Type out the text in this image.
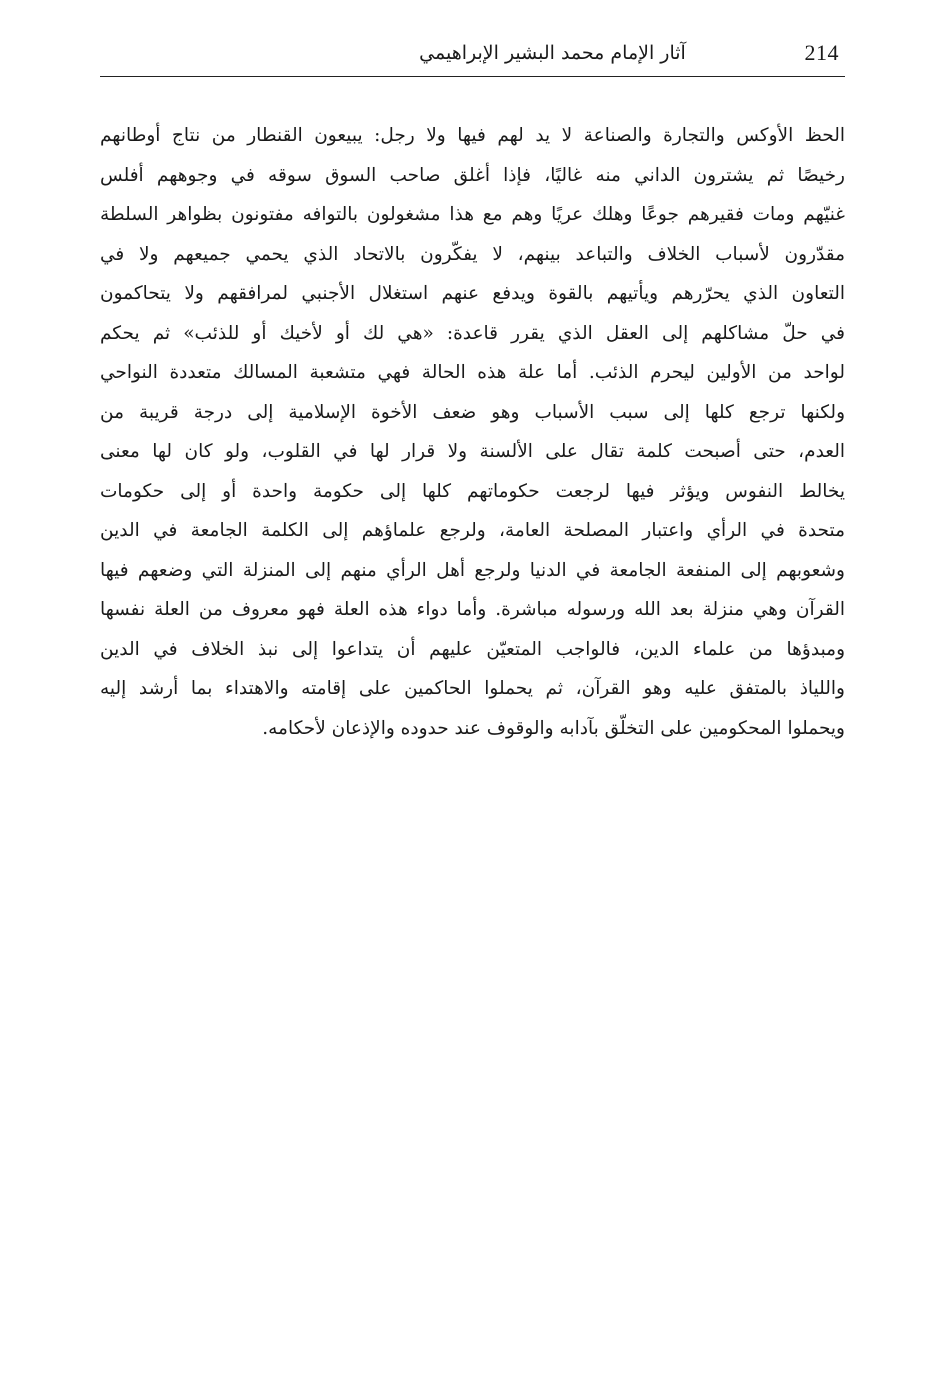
214
آثار الإمام محمد البشير الإبراهيمي
الحظ الأوكس والتجارة والصناعة لا يد لهم فيها ولا رجل: يبيعون القنطار من نتاج أوطانهم
رخيصًا ثم يشترون الداني منه غاليًا، فإذا أغلق صاحب السوق سوقه في وجوههم أفلس
غنيّهم ومات فقيرهم جوعًا وهلك عريًا وهم مع هذا مشغولون بالتوافه مفتونون بظواهر السلطة
مقدّرون لأسباب الخلاف والتباعد بينهم، لا يفكّرون بالاتحاد الذي يحمي جميعهم ولا في
التعاون الذي يحرّرهم ويأتيهم بالقوة ويدفع عنهم استغلال الأجنبي لمرافقهم ولا يتحاكمون
في حلّ مشاكلهم إلى العقل الذي يقرر قاعدة: «هي لك أو لأخيك أو للذئب» ثم يحكم
لواحد من الأولين ليحرم الذئب. أما علة هذه الحالة فهي متشعبة المسالك متعددة النواحي
ولكنها ترجع كلها إلى سبب الأسباب وهو ضعف الأخوة الإسلامية إلى درجة قريبة من
العدم، حتى أصبحت كلمة تقال على الألسنة ولا قرار لها في القلوب، ولو كان لها معنى
يخالط النفوس ويؤثر فيها لرجعت حكوماتهم كلها إلى حكومة واحدة أو إلى حكومات
متحدة في الرأي واعتبار المصلحة العامة، ولرجع علماؤهم إلى الكلمة الجامعة في الدين
وشعوبهم إلى المنفعة الجامعة في الدنيا ولرجع أهل الرأي منهم إلى المنزلة التي وضعهم فيها
القرآن وهي منزلة بعد الله ورسوله مباشرة. وأما دواء هذه العلة فهو معروف من العلة نفسها
ومبدؤها من علماء الدين، فالواجب المتعيّن عليهم أن يتداعوا إلى نبذ الخلاف في الدين
واللياذ بالمتفق عليه وهو القرآن، ثم يحملوا الحاكمين على إقامته والاهتداء بما أرشد إليه
ويحملوا المحكومين على التخلّق بآدابه والوقوف عند حدوده والإذعان لأحكامه.
